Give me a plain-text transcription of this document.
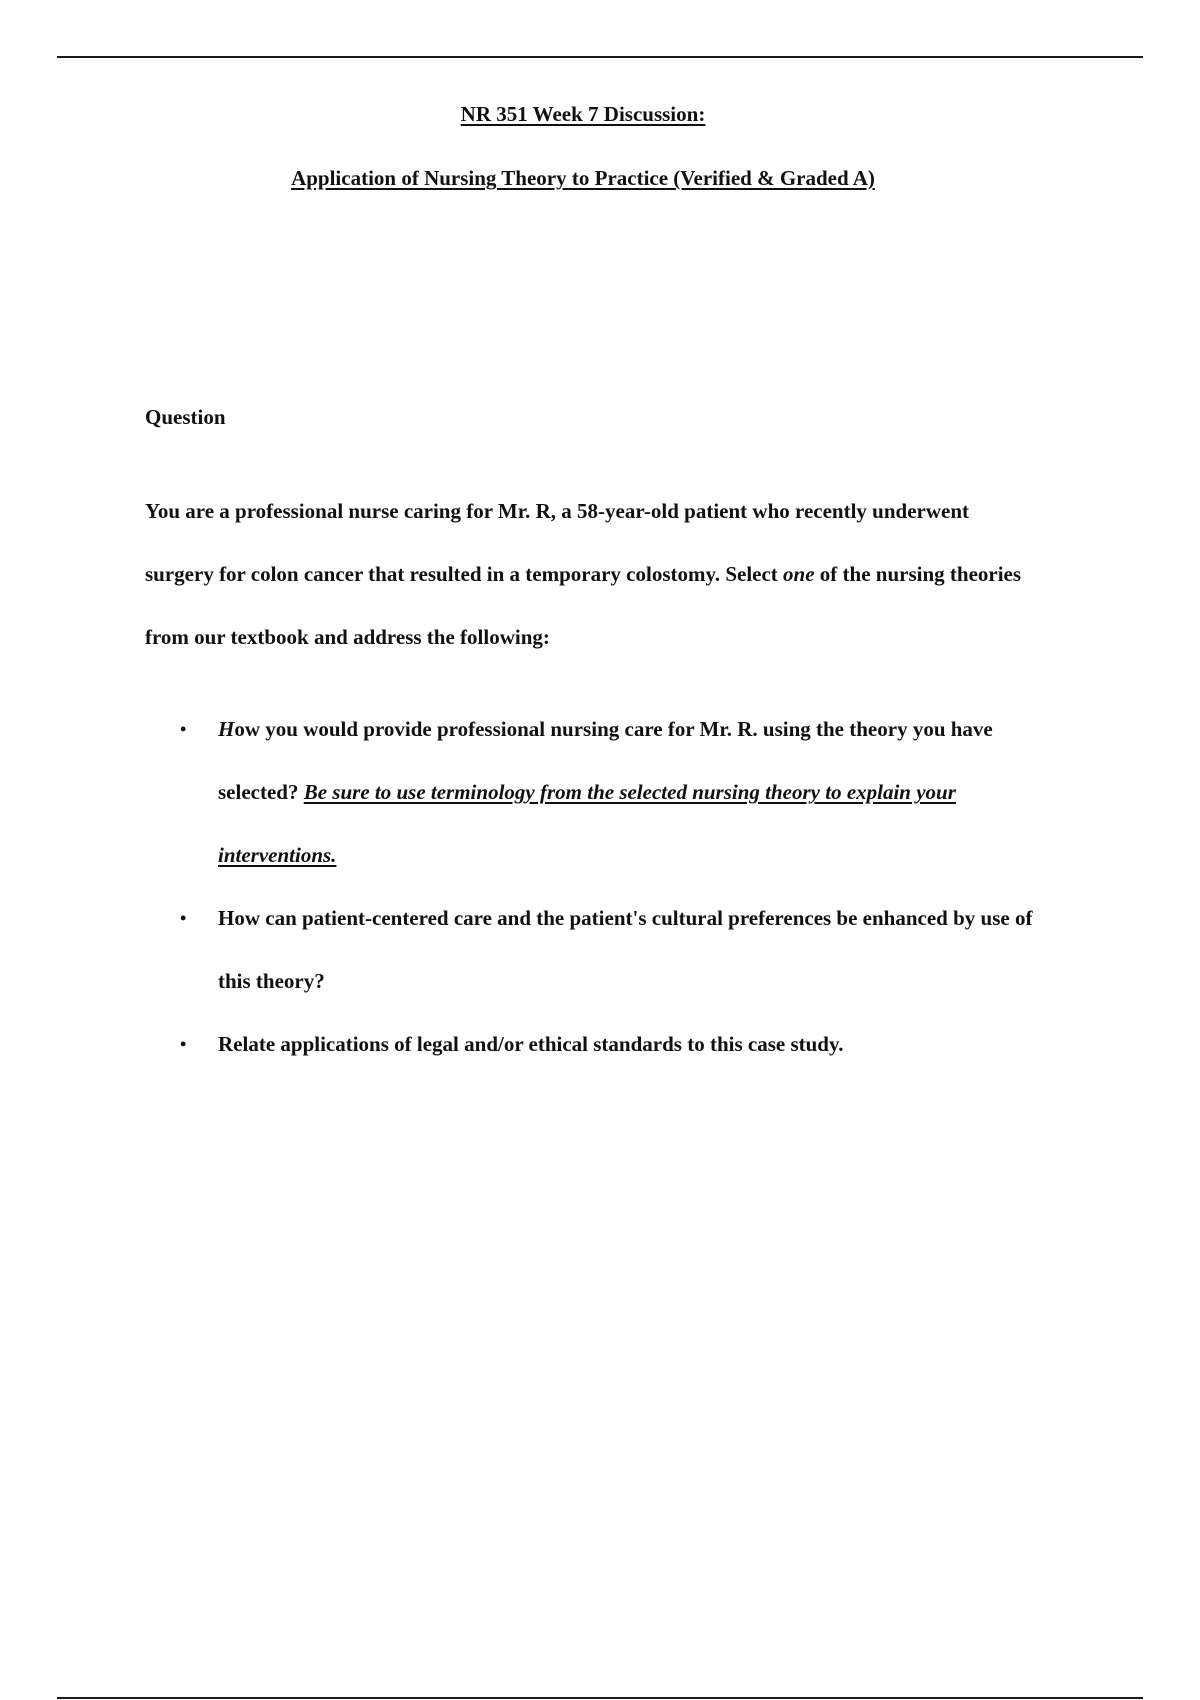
NR 351 Week 7 Discussion:
Application of Nursing Theory to Practice (Verified & Graded A)
Question
You are a professional nurse caring for Mr. R, a 58-year-old patient who recently underwent
surgery for colon cancer that resulted in a temporary colostomy. Select one of the nursing theories
from our textbook and address the following:
• How you would provide professional nursing care for Mr. R. using the theory you have
selected? Be sure to use terminology from the selected nursing theory to explain your
interventions.
• How can patient-centered care and the patient's cultural preferences be enhanced by use of
this theory?
• Relate applications of legal and/or ethical standards to this case study.
